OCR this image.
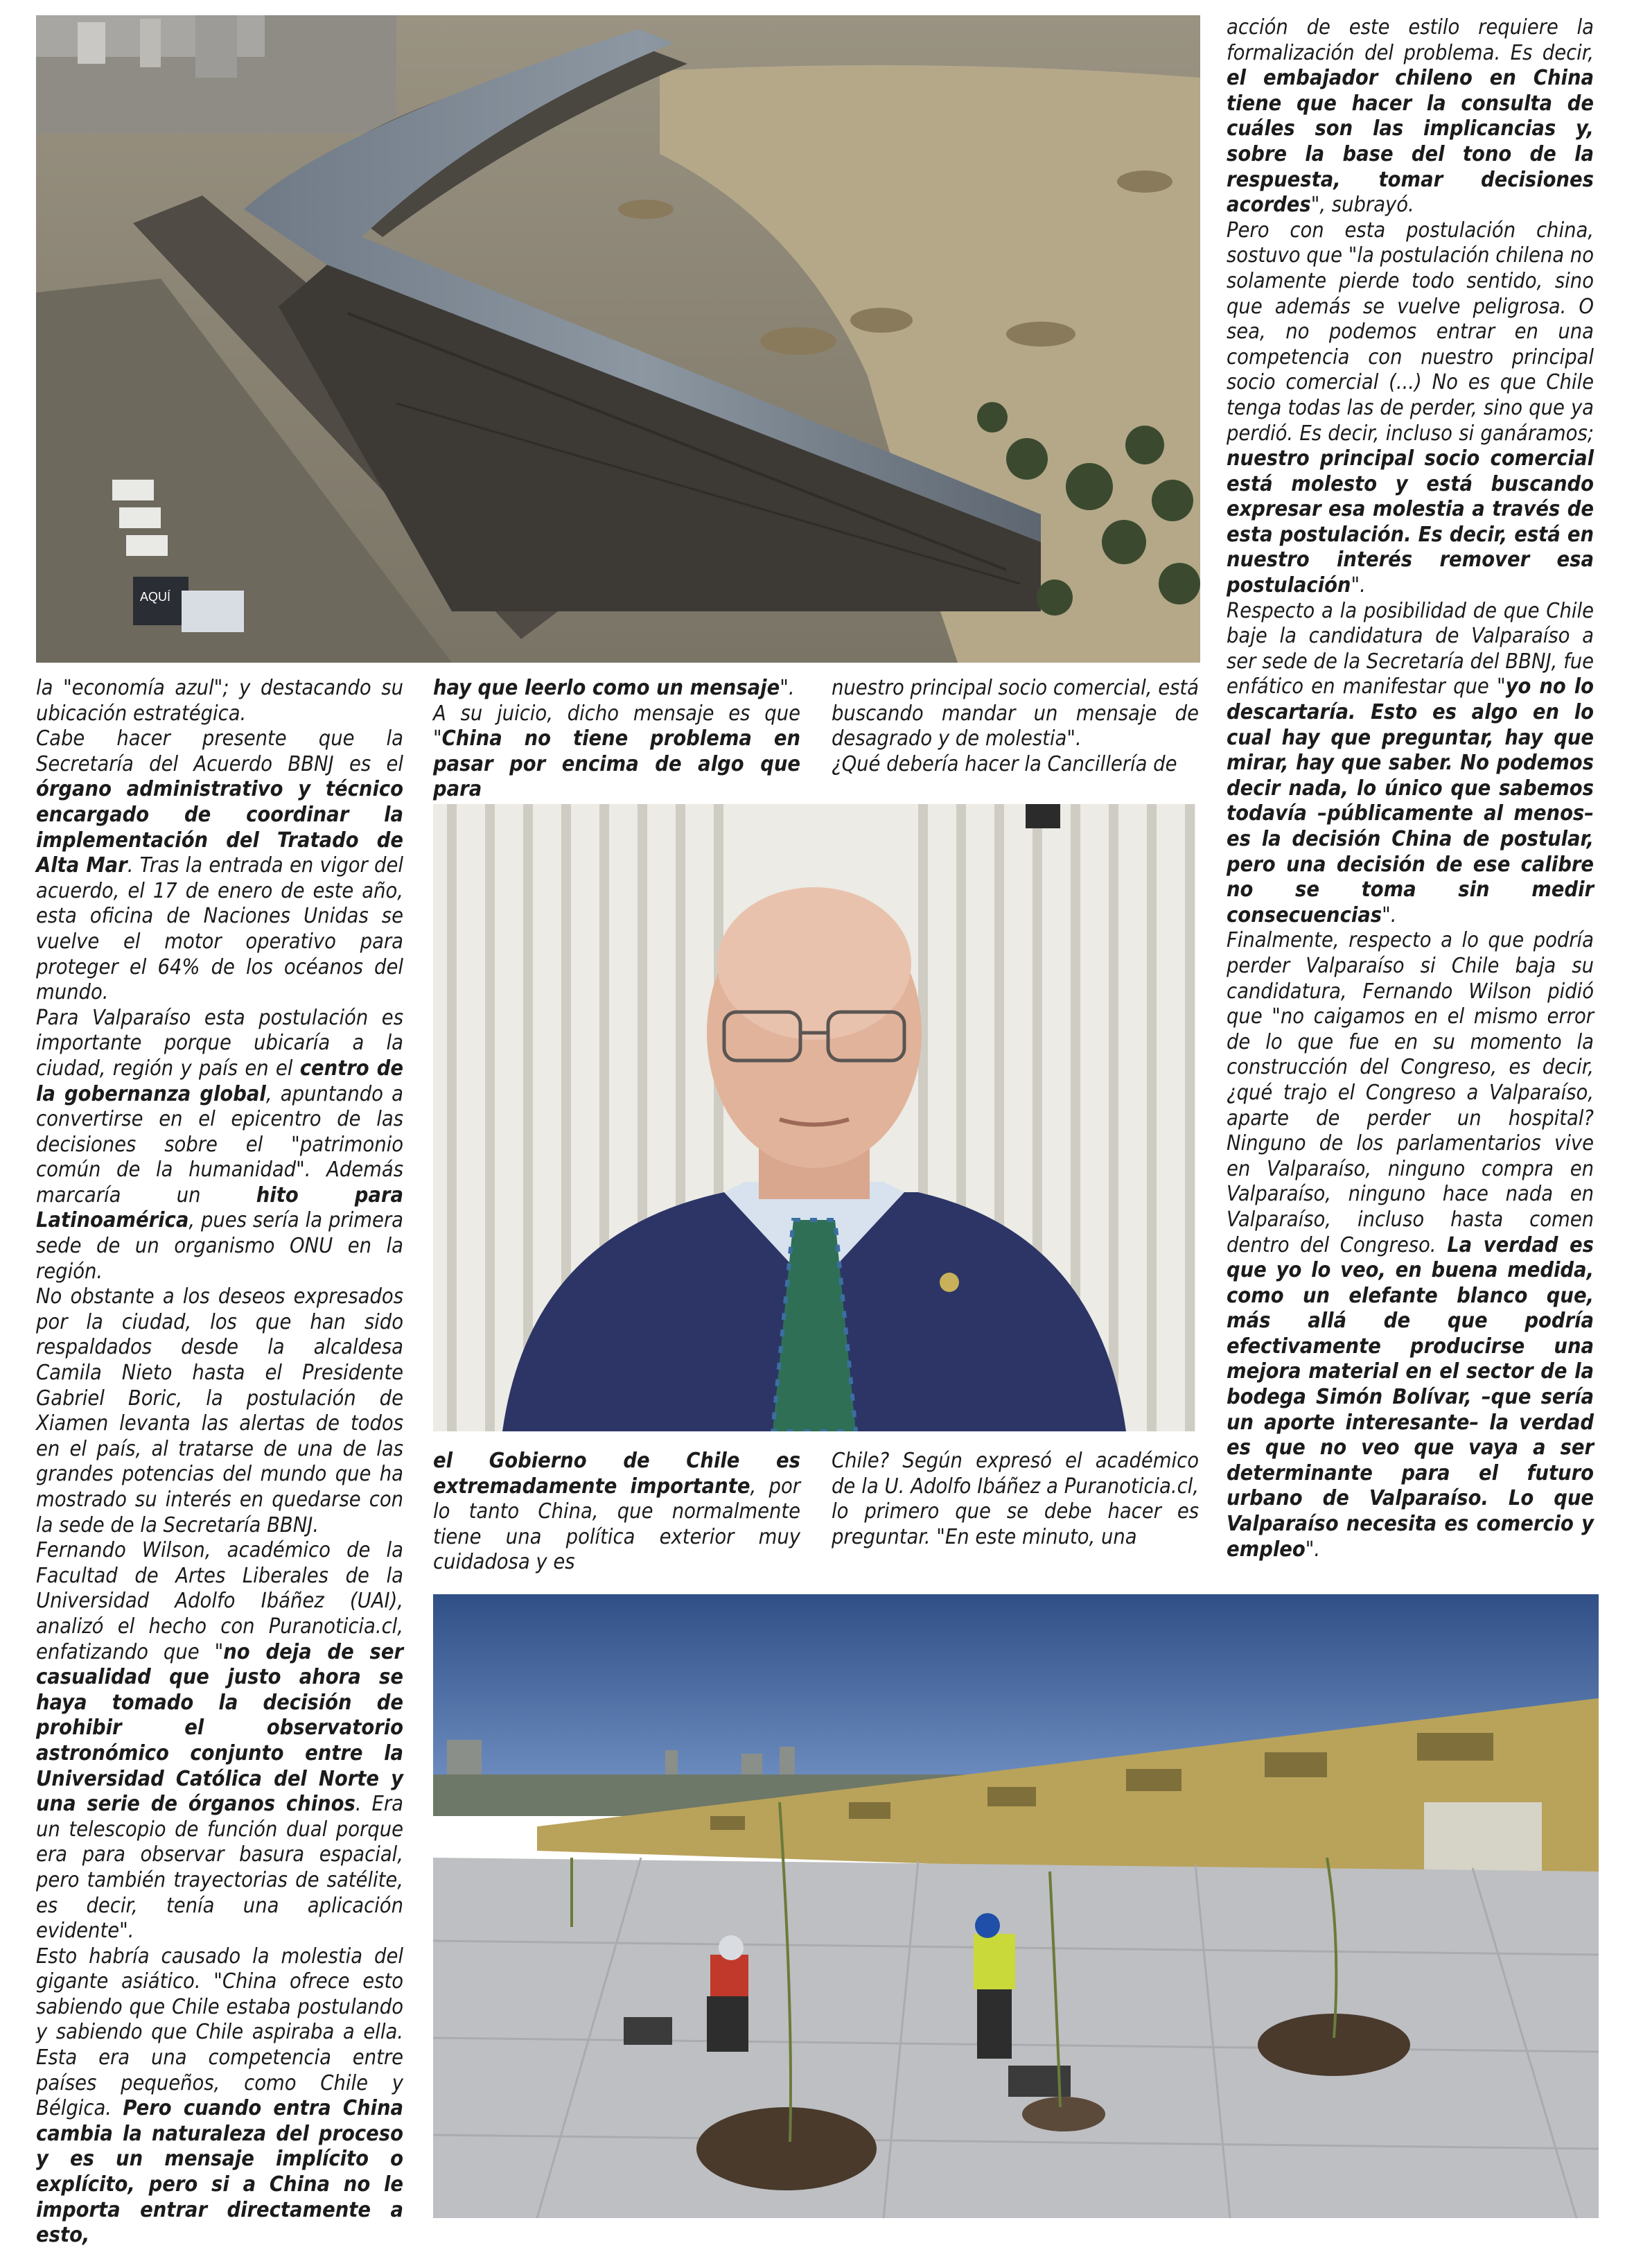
AQUÍ

la "economía azul"; y destacando su ubicación estratégica.

Cabe hacer presente que la Secretaría del Acuerdo BBNJ es el órgano administrativo y técnico encargado de coordinar la implementación del Tratado de Alta Mar. Tras la entrada en vigor del acuerdo, el 17 de enero de este año, esta oficina de Naciones Unidas se vuelve el motor operativo para proteger el 64% de los océanos del mundo.

Para Valparaíso esta postulación es importante porque ubicaría a la ciudad, región y país en el centro de la gobernanza global, apuntando a convertirse en el epicentro de las decisiones sobre el "patrimonio común de la humanidad". Además marcaría un hito para Latinoamérica, pues sería la primera sede de un organismo ONU en la región.

No obstante a los deseos expresados por la ciudad, los que han sido respaldados desde la alcaldesa Camila Nieto hasta el Presidente Gabriel Boric, la postulación de Xiamen levanta las alertas de todos en el país, al tratarse de una de las grandes potencias del mundo que ha mostrado su interés en quedarse con la sede de la Secretaría BBNJ.

Fernando Wilson, académico de la Facultad de Artes Liberales de la Universidad Adolfo Ibáñez (UAI), analizó el hecho con Puranoticia.cl, enfatizando que "no deja de ser casualidad que justo ahora se haya tomado la decisión de prohibir el observatorio astronómico conjunto entre la Universidad Católica del Norte y una serie de órganos chinos. Era un telescopio de función dual porque era para observar basura espacial, pero también trayectorias de satélite, es decir, tenía una aplicación evidente".

Esto habría causado la molestia del gigante asiático. "China ofrece esto sabiendo que Chile estaba postulando y sabiendo que Chile aspiraba a ella. Esta era una competencia entre países pequeños, como Chile y Bélgica. Pero cuando entra China cambia la naturaleza del proceso y es un mensaje implícito o explícito, pero si a China no le importa entrar directamente a esto,

hay que leerlo como un mensaje".

A su juicio, dicho mensaje es que "China no tiene problema en pasar por encima de algo que para

nuestro principal socio comercial, está buscando mandar un mensaje de desagrado y de molestia".

¿Qué debería hacer la Cancillería de

el Gobierno de Chile es extremadamente importante, por lo tanto China, que normalmente tiene una política exterior muy cuidadosa y es

Chile? Según expresó el académico de la U. Adolfo Ibáñez a Puranoticia.cl, lo primero que se debe hacer es preguntar. "En este minuto, una

acción de este estilo requiere la formalización del problema. Es decir, el embajador chileno en China tiene que hacer la consulta de cuáles son las implicancias y, sobre la base del tono de la respuesta, tomar decisiones acordes", subrayó.

Pero con esta postulación china, sostuvo que "la postulación chilena no solamente pierde todo sentido, sino que además se vuelve peligrosa. O sea, no podemos entrar en una competencia con nuestro principal socio comercial (...) No es que Chile tenga todas las de perder, sino que ya perdió. Es decir, incluso si ganáramos; nuestro principal socio comercial está molesto y está buscando expresar esa molestia a través de esta postulación. Es decir, está en nuestro interés remover esa postulación".

Respecto a la posibilidad de que Chile baje la candidatura de Valparaíso a ser sede de la Secretaría del BBNJ, fue enfático en manifestar que "yo no lo descartaría. Esto es algo en lo cual hay que preguntar, hay que mirar, hay que saber. No podemos decir nada, lo único que sabemos todavía –públicamente al menos– es la decisión China de postular, pero una decisión de ese calibre no se toma sin medir consecuencias".

Finalmente, respecto a lo que podría perder Valparaíso si Chile baja su candidatura, Fernando Wilson pidió que "no caigamos en el mismo error de lo que fue en su momento la construcción del Congreso, es decir, ¿qué trajo el Congreso a Valparaíso, aparte de perder un hospital? Ninguno de los parlamentarios vive en Valparaíso, ninguno compra en Valparaíso, ninguno hace nada en Valparaíso, incluso hasta comen dentro del Congreso. La verdad es que yo lo veo, en buena medida, como un elefante blanco que, más allá de que podría efectivamente producirse una mejora material en el sector de la bodega Simón Bolívar, –que sería un aporte interesante– la verdad es que no veo que vaya a ser determinante para el futuro urbano de Valparaíso. Lo que Valparaíso necesita es comercio y empleo".
